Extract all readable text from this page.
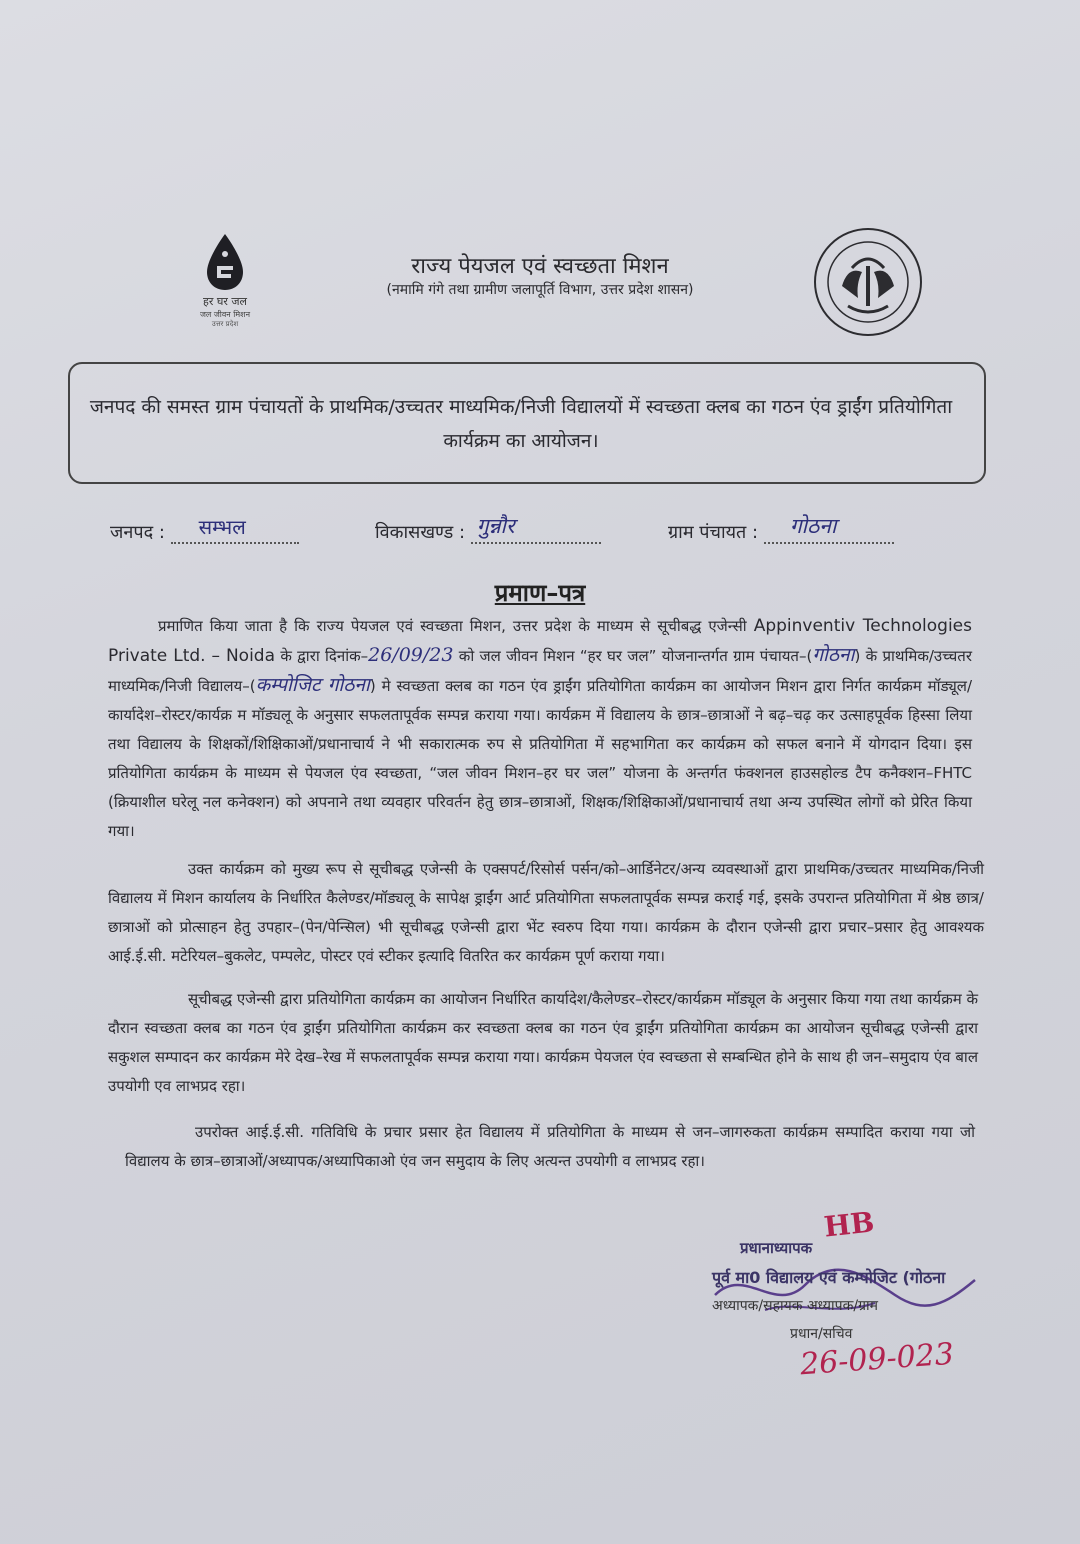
हर घर जल
जल जीवन मिशन
उत्तर प्रदेश
राज्य पेयजल एवं स्वच्छता मिशन
(नमामि गंगे तथा ग्रामीण जलापूर्ति विभाग, उत्तर प्रदेश शासन)
जनपद की समस्त ग्राम पंचायतों के प्राथमिक/उच्चतर माध्यमिक/निजी विद्यालयों में स्वच्छता क्लब का गठन एंव ड्राईंग प्रतियोगिता कार्यक्रम का आयोजन।
जनपद : सम्भल	विकासखण्ड : गुन्नौर	ग्राम पंचायत : गोठना
प्रमाण–पत्र
प्रमाणित किया जाता है कि राज्य पेयजल एवं स्वच्छता मिशन, उत्तर प्रदेश के माध्यम से सूचीबद्ध एजेन्सी Appinventiv Technologies Private Ltd. – Noida के द्वारा दिनांक–26/09/23 को जल जीवन मिशन “हर घर जल” योजनान्तर्गत ग्राम पंचायत–(गोठना) के प्राथमिक/उच्चतर माध्यमिक/निजी विद्यालय–(कम्पोजिट गोठना) मे स्वच्छता क्लब का गठन एंव ड्राईंग प्रतियोगिता कार्यक्रम का आयोजन मिशन द्वारा निर्गत कार्यक्रम मॉड्यूल/कार्यादेश–रोस्टर/कार्यक्र म मॉड्यलू के अनुसार सफलतापूर्वक सम्पन्न कराया गया। कार्यक्रम में विद्यालय के छात्र–छात्राओं ने बढ़–चढ़ कर उत्साहपूर्वक हिस्सा लिया तथा विद्यालय के शिक्षकों/शिक्षिकाओं/प्रधानाचार्य ने भी सकारात्मक रुप से प्रतियोगिता में सहभागिता कर कार्यक्रम को सफल बनाने में योगदान दिया। इस प्रतियोगिता कार्यक्रम के माध्यम से पेयजल एंव स्वच्छता, “जल जीवन मिशन–हर घर जल” योजना के अन्तर्गत फंक्शनल हाउसहोल्ड टैप कनैक्शन–FHTC (क्रियाशील घरेलू नल कनेक्शन) को अपनाने तथा व्यवहार परिवर्तन हेतु छात्र–छात्राओं, शिक्षक/शिक्षिकाओं/प्रधानाचार्य तथा अन्य उपस्थित लोगों को प्रेरित किया गया।
उक्त कार्यक्रम को मुख्य रूप से सूचीबद्ध एजेन्सी के एक्सपर्ट/रिसोर्स पर्सन/को–आर्डिनेटर/अन्य व्यवस्थाओं द्वारा प्राथमिक/उच्चतर माध्यमिक/निजी विद्यालय में मिशन कार्यालय के निर्धारित कैलेण्डर/मॉड्यलू के सापेक्ष ड्राईंग आर्ट प्रतियोगिता सफलतापूर्वक सम्पन्न कराई गई, इसके उपरान्त प्रतियोगिता में श्रेष्ठ छात्र/छात्राओं को प्रोत्साहन हेतु उपहार–(पेन/पेन्सिल) भी सूचीबद्ध एजेन्सी द्वारा भेंट स्वरुप दिया गया। कार्यक्रम के दौरान एजेन्सी द्वारा प्रचार–प्रसार हेतु आवश्यक आई.ई.सी. मटेरियल–बुकलेट, पम्पलेट, पोस्टर एवं स्टीकर इत्यादि वितरित कर कार्यक्रम पूर्ण कराया गया।
सूचीबद्ध एजेन्सी द्वारा प्रतियोगिता कार्यक्रम का आयोजन निर्धारित कार्यादेश/कैलेण्डर–रोस्टर/कार्यक्रम मॉड्यूल के अनुसार किया गया तथा कार्यक्रम के दौरान स्वच्छता क्लब का गठन एंव ड्राईंग प्रतियोगिता कार्यक्रम कर स्वच्छता क्लब का गठन एंव ड्राईंग प्रतियोगिता कार्यक्रम का आयोजन सूचीबद्ध एजेन्सी द्वारा सकुशल सम्पादन कर कार्यक्रम मेरे देख–रेख में सफलतापूर्वक सम्पन्न कराया गया। कार्यक्रम पेयजल एंव स्वच्छता से सम्बन्धित होने के साथ ही जन–समुदाय एंव बाल उपयोगी एव लाभप्रद रहा।
उपरोक्त आई.ई.सी. गतिविधि के प्रचार प्रसार हेत विद्यालय में प्रतियोगिता के माध्यम से जन–जागरुकता कार्यक्रम सम्पादित कराया गया जो विद्यालय के छात्र–छात्राओं/अध्यापक/अध्यापिकाओ एंव जन समुदाय के लिए अत्यन्त उपयोगी व लाभप्रद रहा।
HB
प्रधानाध्यापक
पूर्व मा0 विद्यालय एवं कम्पोजिट (गोठना
अध्यापक/सहायक अध्यापक/ग्राम
प्रधान/सचिव
26-09-023
